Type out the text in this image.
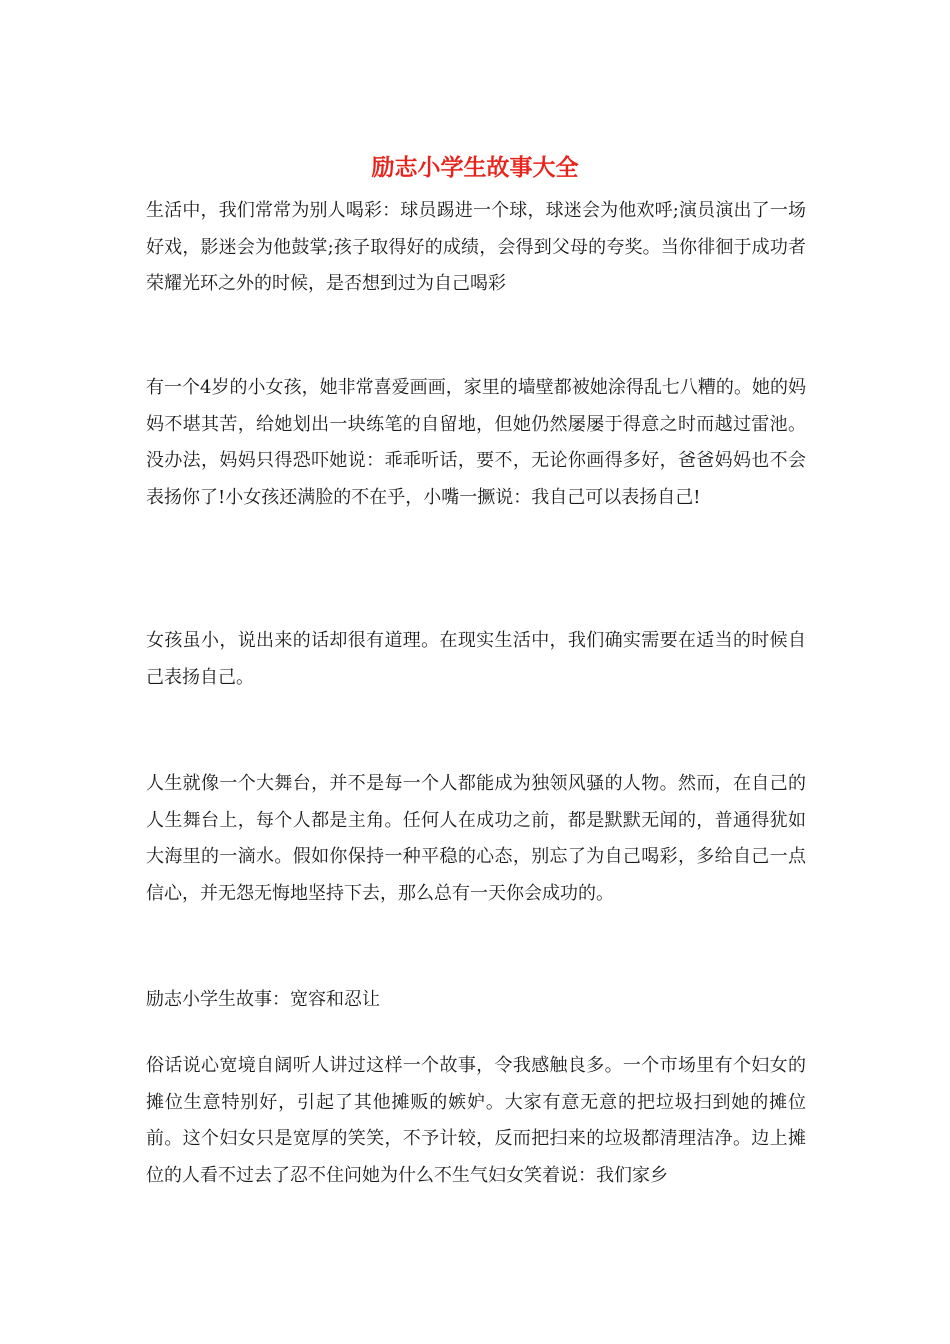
励志小学生故事大全

生活中，我们常常为别人喝彩：球员踢进一个球，球迷会为他欢呼;演员演出了一场好戏，影迷会为他鼓掌;孩子取得好的成绩，会得到父母的夸奖。当你徘徊于成功者荣耀光环之外的时候，是否想到过为自己喝彩

有一个4岁的小女孩，她非常喜爱画画，家里的墙壁都被她涂得乱七八糟的。她的妈妈不堪其苦，给她划出一块练笔的自留地，但她仍然屡屡于得意之时而越过雷池。没办法，妈妈只得恐吓她说：乖乖听话，要不，无论你画得多好，爸爸妈妈也不会表扬你了!小女孩还满脸的不在乎，小嘴一撅说：我自己可以表扬自己!

女孩虽小，说出来的话却很有道理。在现实生活中，我们确实需要在适当的时候自己表扬自己。

人生就像一个大舞台，并不是每一个人都能成为独领风骚的人物。然而，在自己的人生舞台上，每个人都是主角。任何人在成功之前，都是默默无闻的，普通得犹如大海里的一滴水。假如你保持一种平稳的心态，别忘了为自己喝彩，多给自己一点信心，并无怨无悔地坚持下去，那么总有一天你会成功的。

励志小学生故事：宽容和忍让

俗话说心宽境自阔听人讲过这样一个故事，令我感触良多。一个市场里有个妇女的摊位生意特别好，引起了其他摊贩的嫉妒。大家有意无意的把垃圾扫到她的摊位前。这个妇女只是宽厚的笑笑，不予计较，反而把扫来的垃圾都清理洁净。边上摊位的人看不过去了忍不住问她为什么不生气妇女笑着说：我们家乡
